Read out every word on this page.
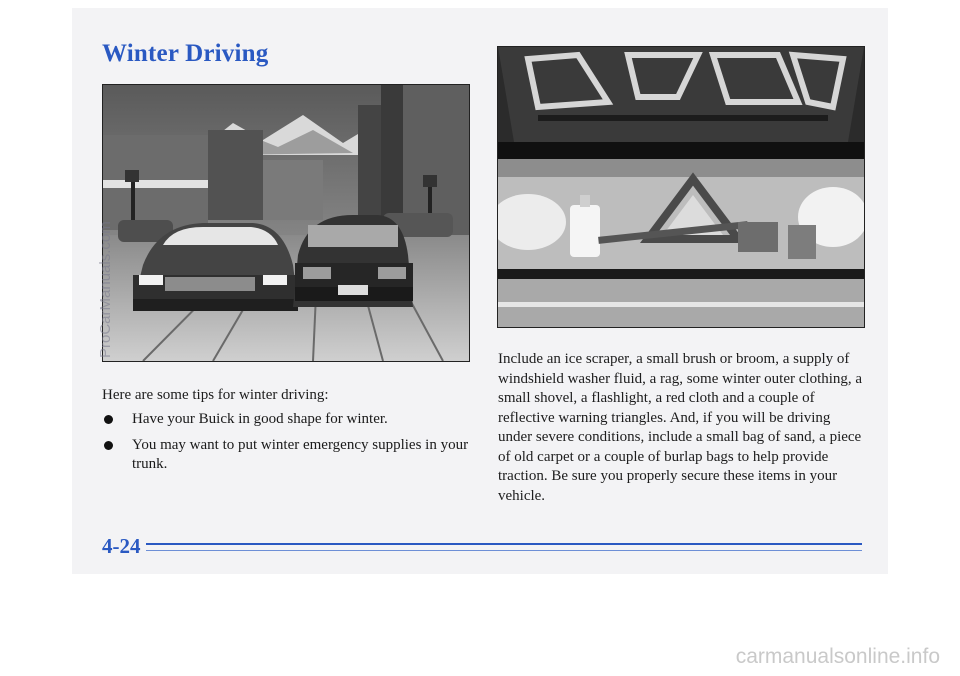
Winter Driving
Here are some tips for winter driving:
Have your Buick in good shape for winter.
You may want to put winter emergency supplies in your trunk.
Include an ice scraper, a small brush or broom, a supply of windshield washer fluid, a rag, some winter outer clothing, a small shovel, a flashlight, a red cloth and a couple of reflective warning triangles. And, if you will be driving under severe conditions, include a small bag of sand, a piece of old carpet or a couple of burlap bags to help provide traction. Be sure you properly secure these items in your vehicle.
4-24
ProCarManuals.com
carmanualsonline.info
